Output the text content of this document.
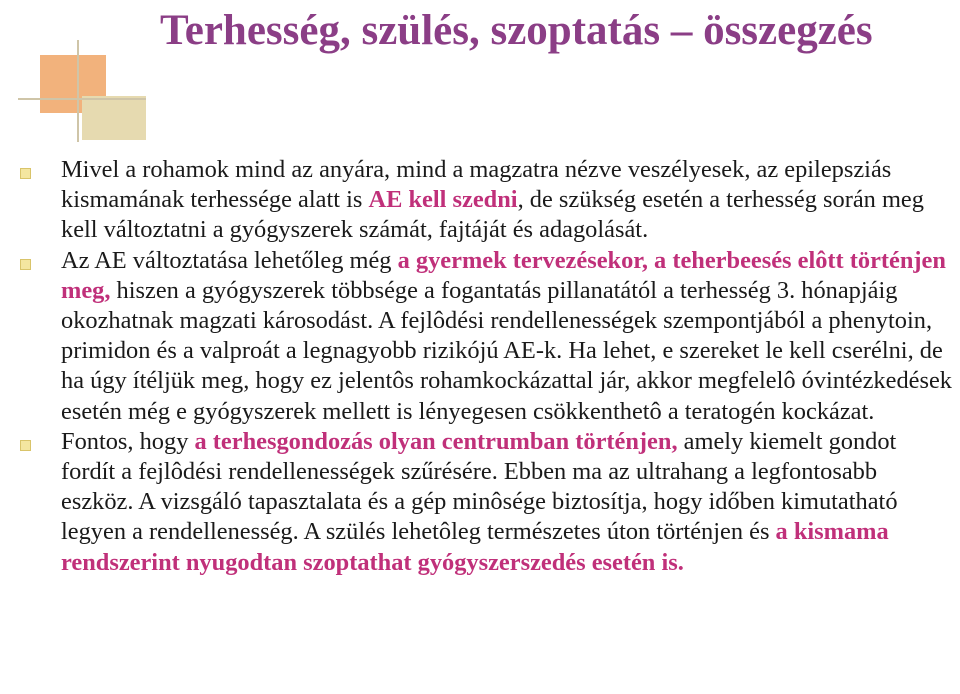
Terhesség, szülés, szoptatás – összegzés
Mivel a rohamok mind az anyára, mind a magzatra nézve veszélyesek, az epilepsziás kismamának terhessége alatt is AE kell szedni, de szükség esetén a terhesség során meg kell változtatni a gyógyszerek számát, fajtáját és adagolását.
Az AE változtatása lehetőleg még a gyermek tervezésekor, a teherbeesés elôtt történjen meg, hiszen a gyógyszerek többsége a fogantatás pillanatától a terhesség 3. hónapjáig okozhatnak magzati károsodást. A fejlôdési rendellenességek szempontjából a phenytoin, primidon és a valproát a legnagyobb rizikójú AE-k. Ha lehet, e szereket le kell cserélni, de ha úgy ítéljük meg, hogy ez jelentôs rohamkockázattal jár, akkor megfelelô óvintézkedések esetén még e gyógyszerek mellett is lényegesen csökkenthetô a teratogén kockázat.
Fontos, hogy a terhesgondozás olyan centrumban történjen, amely kiemelt gondot fordít a fejlôdési rendellenességek szűrésére. Ebben ma az ultrahang a legfontosabb eszköz. A vizsgáló tapasztalata és a gép minôsége biztosítja, hogy időben kimutatható legyen a rendellenesség. A szülés lehetôleg természetes úton történjen és a kismama rendszerint nyugodtan szoptathat gyógyszerszedés esetén is.
